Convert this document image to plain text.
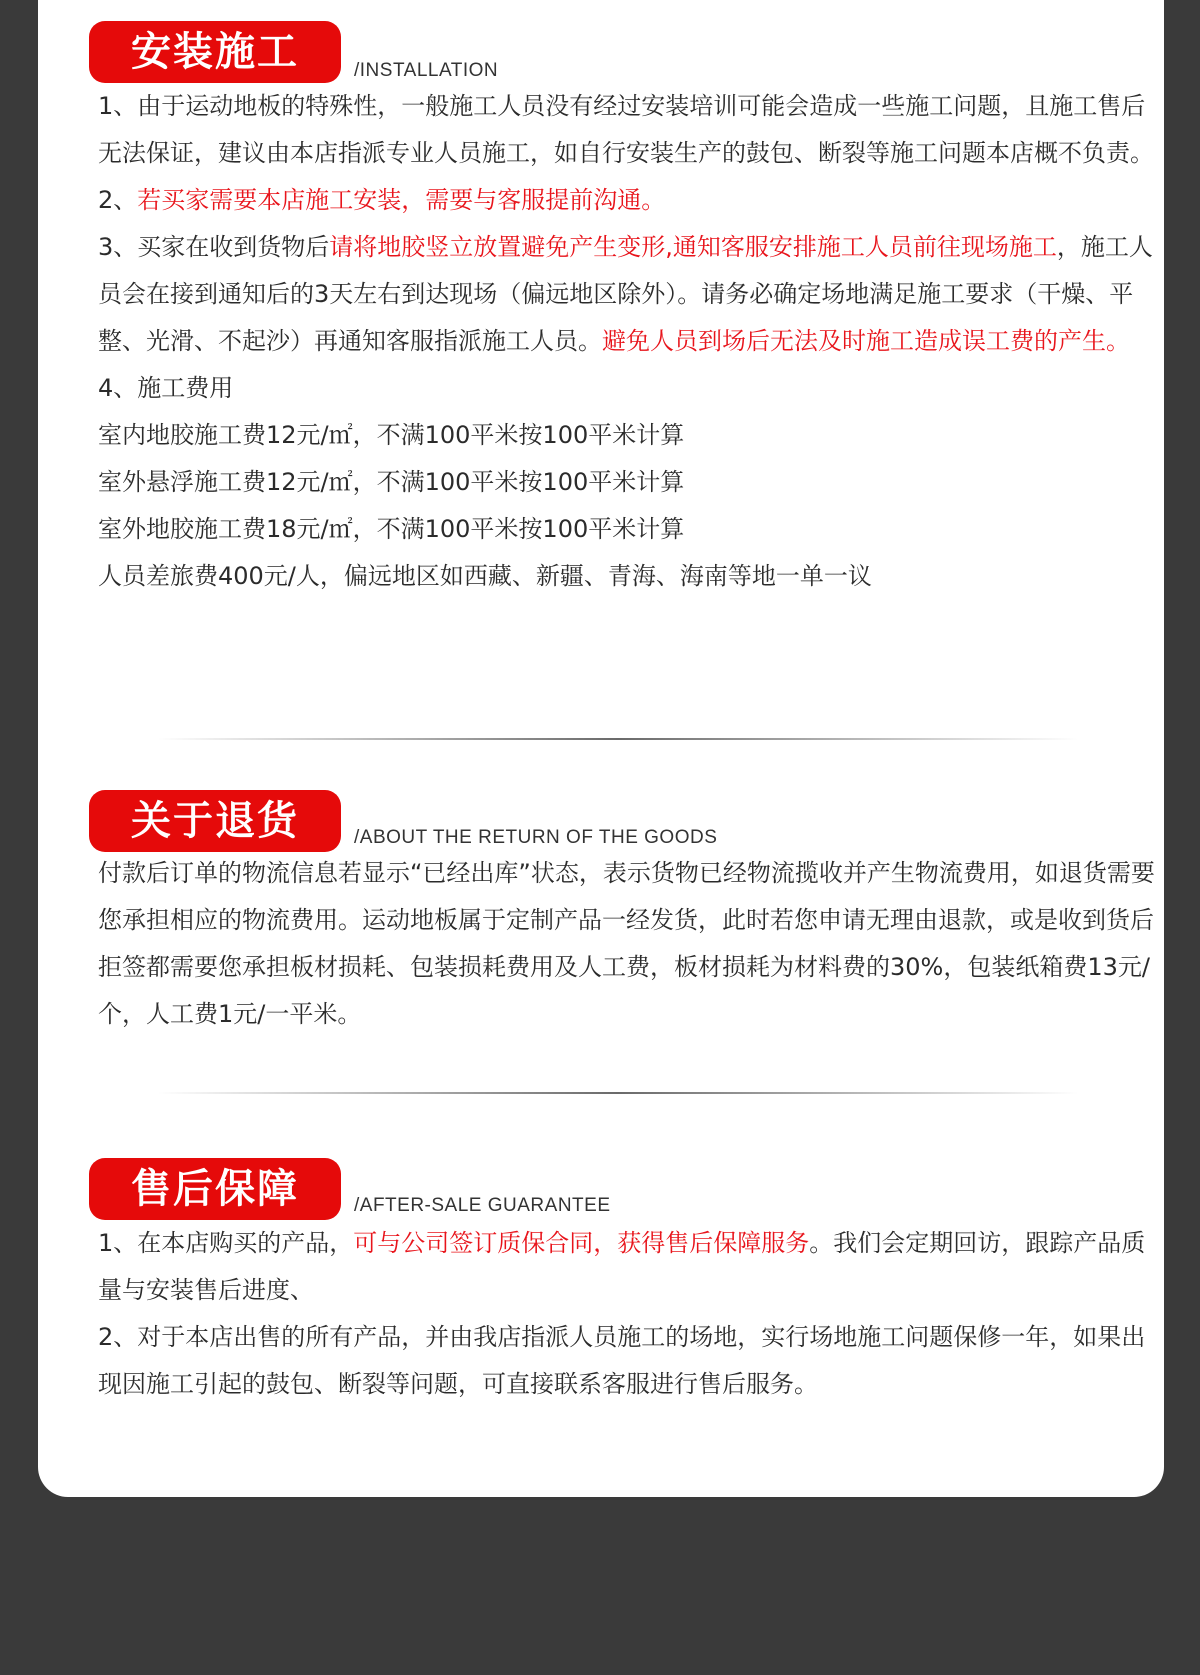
安装施工	/INSTALLATION

1、由于运动地板的特殊性，一般施工人员没有经过安装培训可能会造成一些施工问题，且施工售后无法保证，建议由本店指派专业人员施工，如自行安装生产的鼓包、断裂等施工问题本店概不负责。

2、若买家需要本店施工安装，需要与客服提前沟通。

3、买家在收到货物后请将地胶竖立放置避免产生变形,通知客服安排施工人员前往现场施工，施工人员会在接到通知后的3天左右到达现场（偏远地区除外）。请务必确定场地满足施工要求（干燥、平整、光滑、不起沙）再通知客服指派施工人员。避免人员到场后无法及时施工造成误工费的产生。

4、施工费用

室内地胶施工费12元/㎡，不满100平米按100平米计算

室外悬浮施工费12元/㎡，不满100平米按100平米计算

室外地胶施工费18元/㎡，不满100平米按100平米计算

人员差旅费400元/人，偏远地区如西藏、新疆、青海、海南等地一单一议

关于退货	/ABOUT THE RETURN OF THE GOODS

付款后订单的物流信息若显示“已经出库”状态，表示货物已经物流揽收并产生物流费用，如退货需要您承担相应的物流费用。运动地板属于定制产品一经发货，此时若您申请无理由退款，或是收到货后拒签都需要您承担板材损耗、包装损耗费用及人工费，板材损耗为材料费的30%，包装纸箱费13元/个，人工费1元/一平米。

售后保障	/AFTER-SALE GUARANTEE

1、在本店购买的产品，可与公司签订质保合同，获得售后保障服务。我们会定期回访，跟踪产品质量与安装售后进度、

2、对于本店出售的所有产品，并由我店指派人员施工的场地，实行场地施工问题保修一年，如果出现因施工引起的鼓包、断裂等问题，可直接联系客服进行售后服务。
